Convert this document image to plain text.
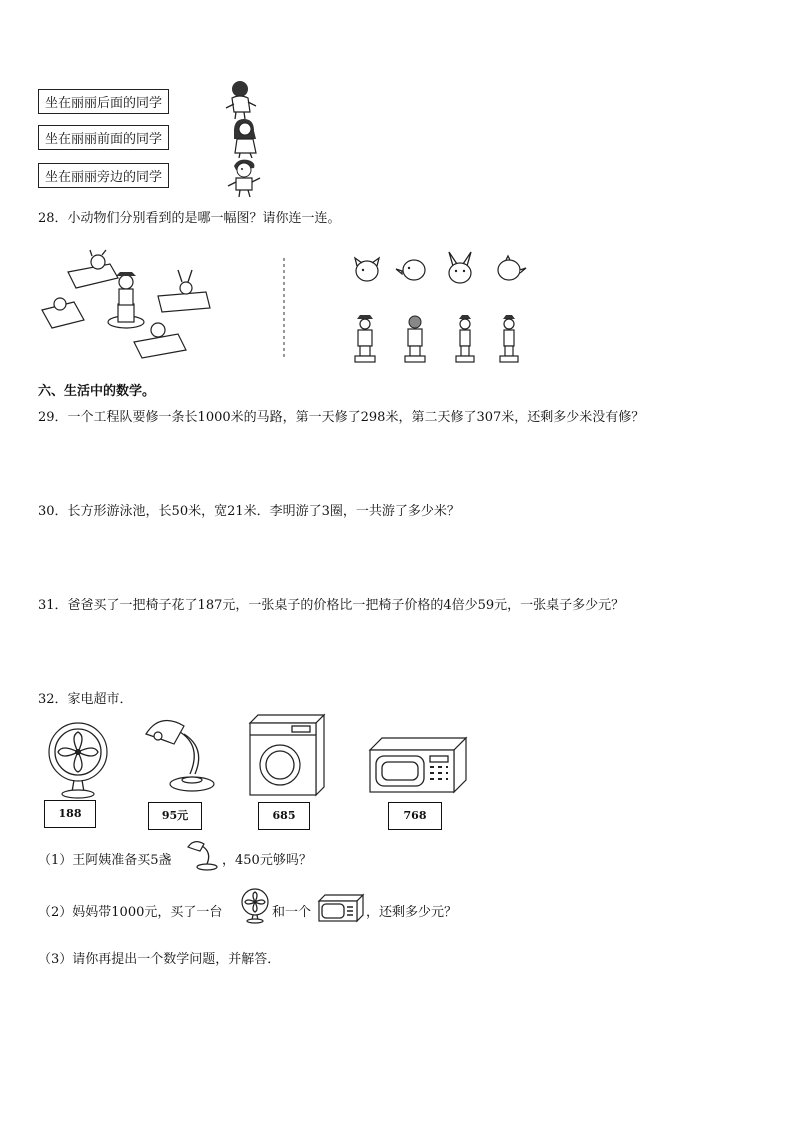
坐在丽丽后面的同学
坐在丽丽前面的同学
坐在丽丽旁边的同学
28．小动物们分别看到的是哪一幅图？请你连一连。
六、生活中的数学。
29．一个工程队要修一条长1000米的马路，第一天修了298米，第二天修了307米，还剩多少米没有修？
30．长方形游泳池，长50米，宽21米．李明游了3圈，一共游了多少米？
31．爸爸买了一把椅子花了187元，一张桌子的价格比一把椅子价格的4倍少59元，一张桌子多少元？
32．家电超市．
188	95元	685	768
（1）王阿姨准备买5盏	，450元够吗？
（2）妈妈带1000元，买了一台	和一个	，还剩多少元？
（3）请你再提出一个数学问题，并解答．
